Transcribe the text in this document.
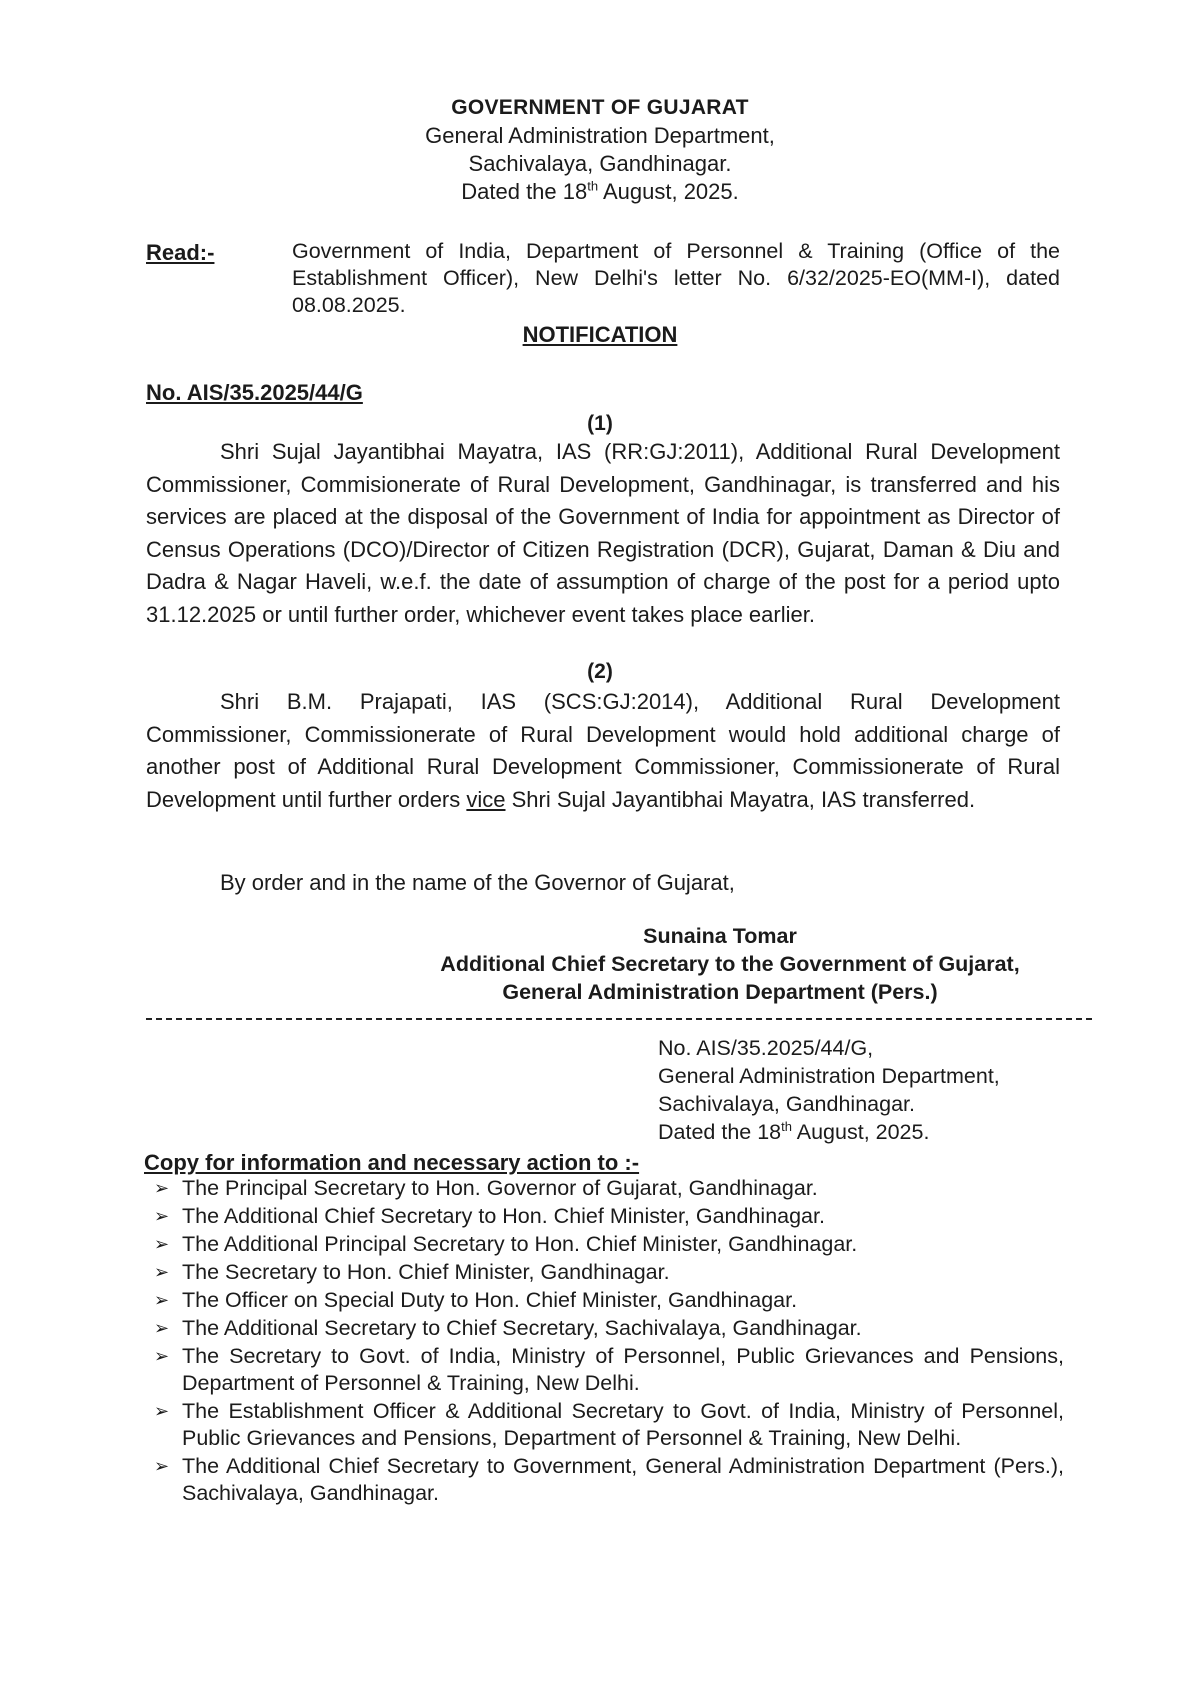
GOVERNMENT OF GUJARAT
General Administration Department,
Sachivalaya, Gandhinagar.
Dated the 18th August, 2025.
Read:-	Government of India, Department of Personnel & Training (Office of the Establishment Officer), New Delhi's letter No. 6/32/2025-EO(MM-I), dated 08.08.2025.
NOTIFICATION
No. AIS/35.2025/44/G
(1)
Shri Sujal Jayantibhai Mayatra, IAS (RR:GJ:2011), Additional Rural Development Commissioner, Commisionerate of Rural Development, Gandhinagar, is transferred and his services are placed at the disposal of the Government of India for appointment as Director of Census Operations (DCO)/Director of Citizen Registration (DCR), Gujarat, Daman & Diu and Dadra & Nagar Haveli, w.e.f. the date of assumption of charge of the post for a period upto 31.12.2025 or until further order, whichever event takes place earlier.
(2)
Shri B.M. Prajapati, IAS (SCS:GJ:2014), Additional Rural Development Commissioner, Commissionerate of Rural Development would hold additional charge of another post of Additional Rural Development Commissioner, Commissionerate of Rural Development until further orders vice Shri Sujal Jayantibhai Mayatra, IAS transferred.
By order and in the name of the Governor of Gujarat,
Sunaina Tomar
Additional Chief Secretary to the Government of Gujarat,
General Administration Department (Pers.)
No. AIS/35.2025/44/G,
General Administration Department,
Sachivalaya, Gandhinagar.
Dated the 18th August, 2025.
Copy for information and necessary action to :-
➢ The Principal Secretary to Hon. Governor of Gujarat, Gandhinagar.
➢ The Additional Chief Secretary to Hon. Chief Minister, Gandhinagar.
➢ The Additional Principal Secretary to Hon. Chief Minister, Gandhinagar.
➢ The Secretary to Hon. Chief Minister, Gandhinagar.
➢ The Officer on Special Duty to Hon. Chief Minister, Gandhinagar.
➢ The Additional Secretary to Chief Secretary, Sachivalaya, Gandhinagar.
➢ The Secretary to Govt. of India, Ministry of Personnel, Public Grievances and Pensions, Department of Personnel & Training, New Delhi.
➢ The Establishment Officer & Additional Secretary to Govt. of India, Ministry of Personnel, Public Grievances and Pensions, Department of Personnel & Training, New Delhi.
➢ The Additional Chief Secretary to Government, General Administration Department (Pers.), Sachivalaya, Gandhinagar.
